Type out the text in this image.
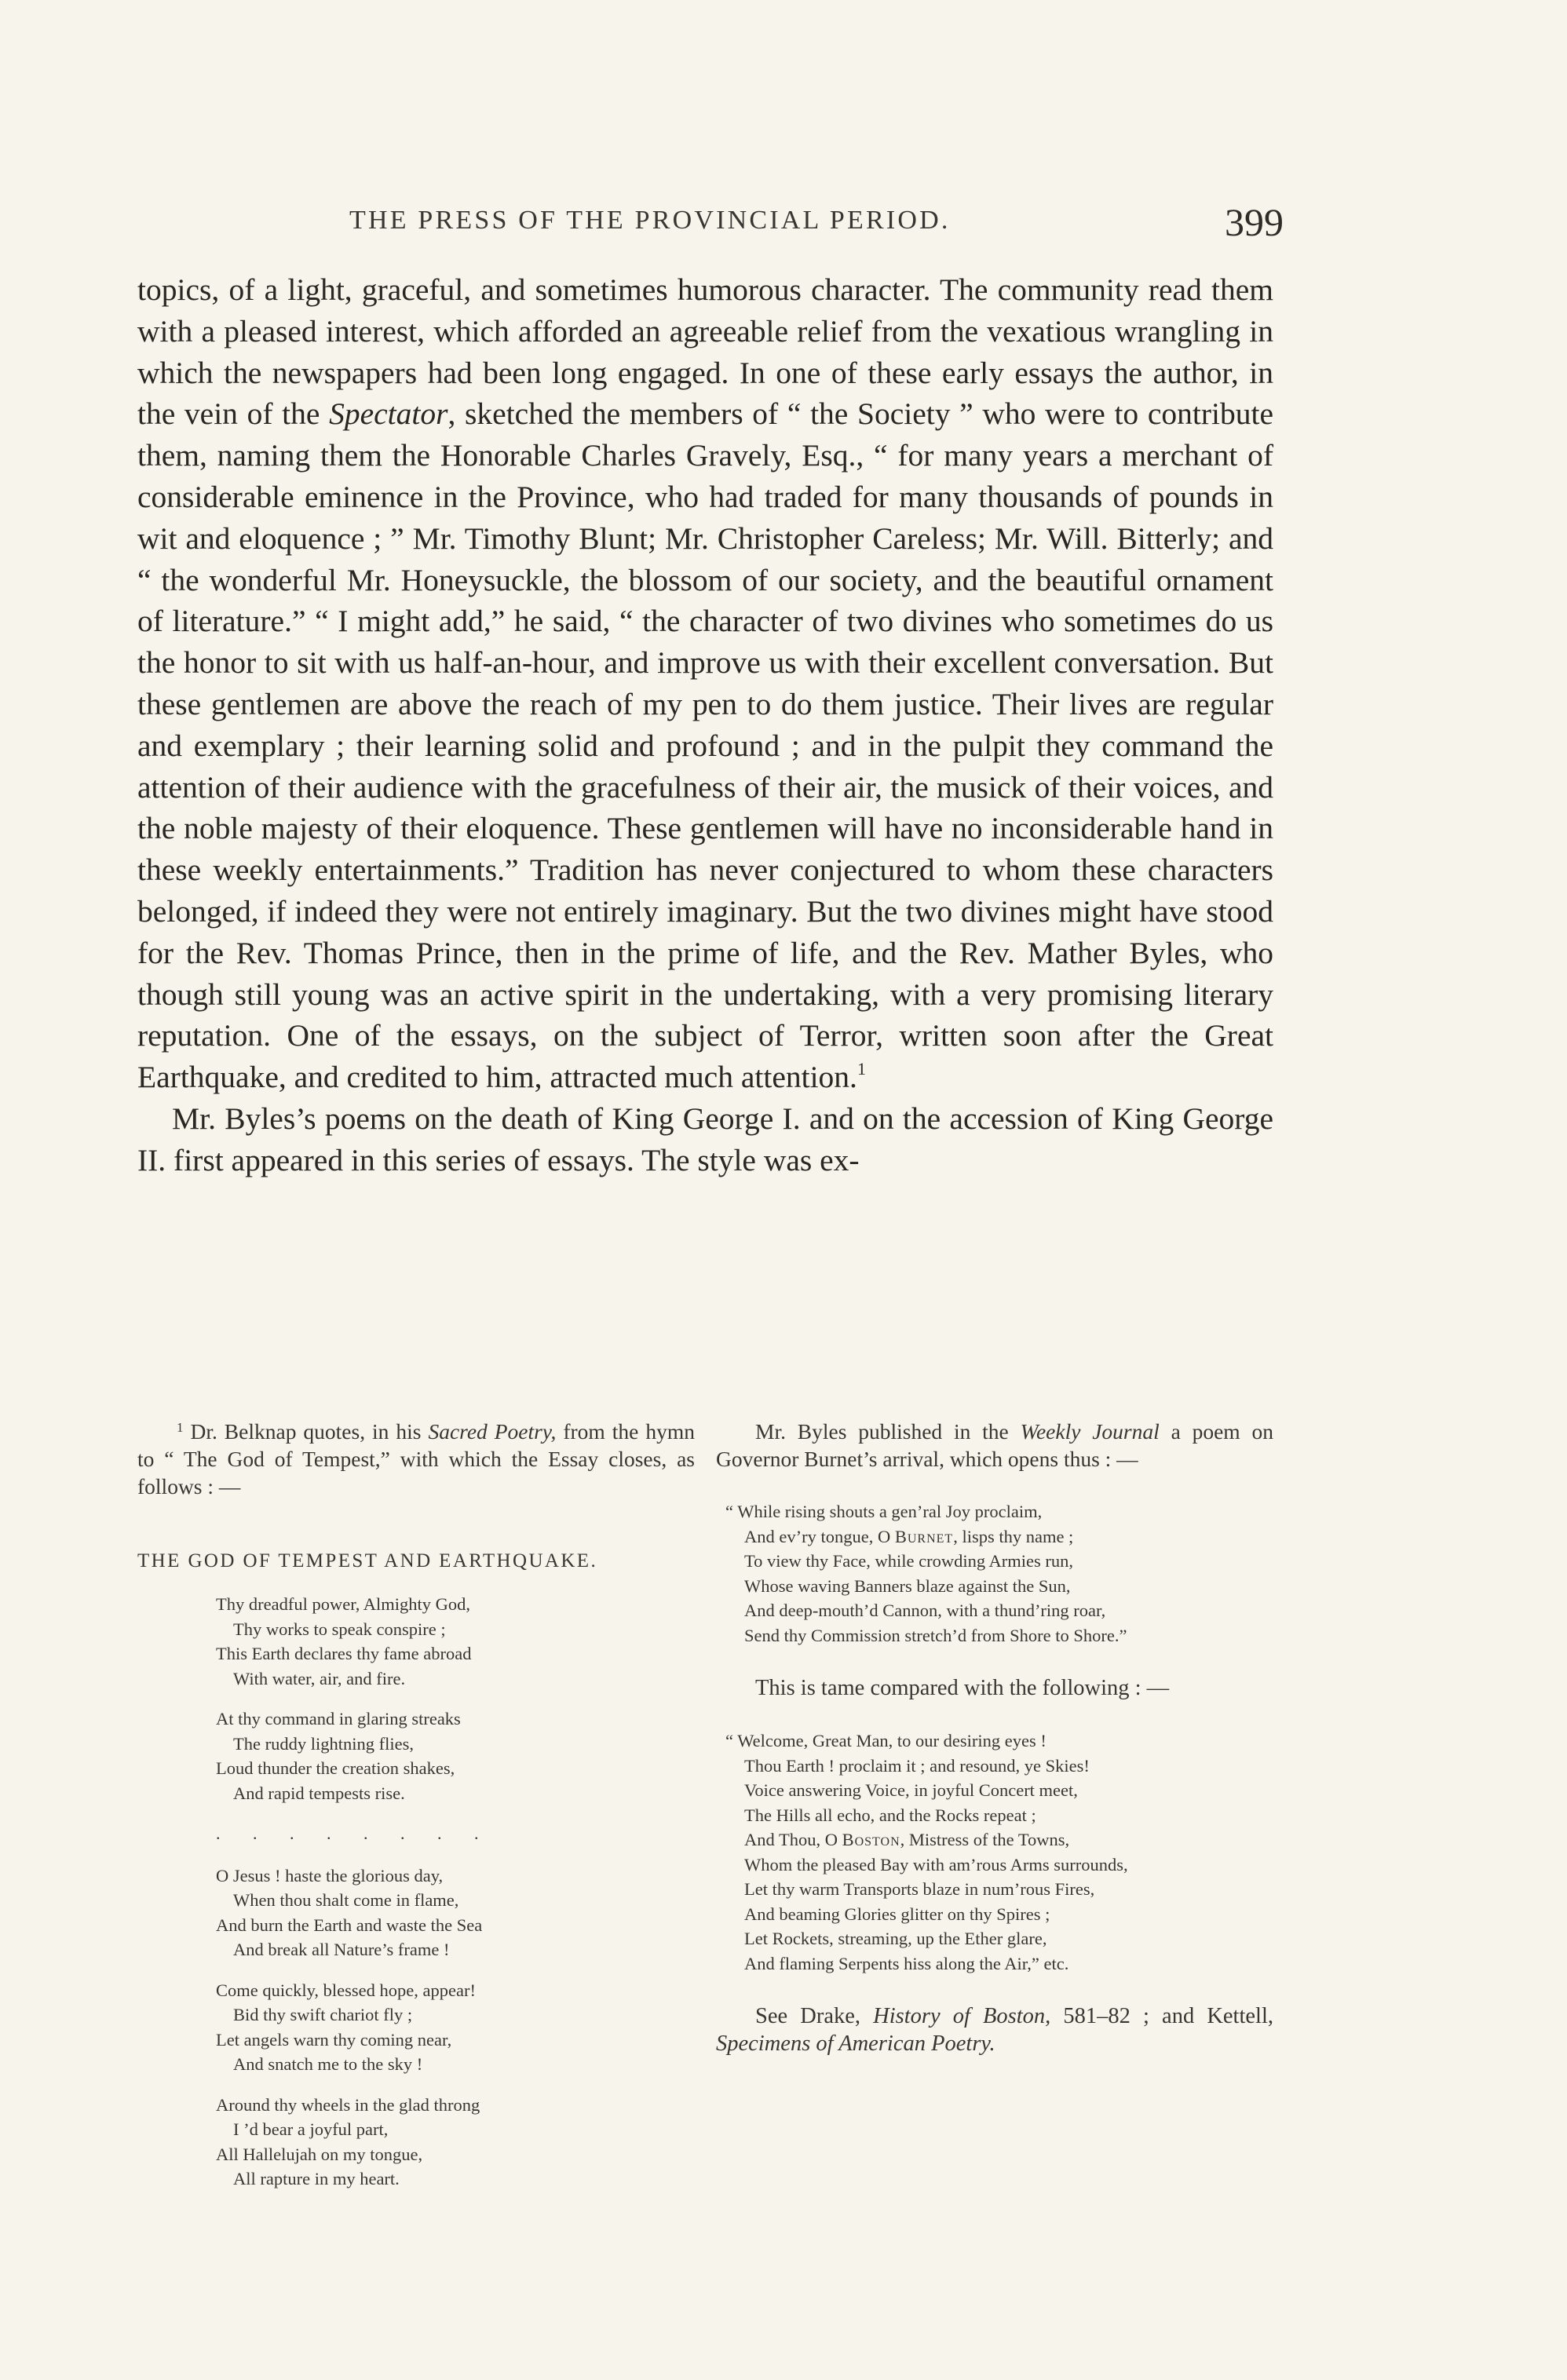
THE PRESS OF THE PROVINCIAL PERIOD.	399

topics, of a light, graceful, and sometimes humorous character. The community read them with a pleased interest, which afforded an agreeable relief from the vexatious wrangling in which the newspapers had been long engaged. In one of these early essays the author, in the vein of the Spectator, sketched the members of “ the Society ” who were to contribute them, naming them the Honorable Charles Gravely, Esq., “ for many years a merchant of considerable eminence in the Province, who had traded for many thousands of pounds in wit and eloquence ; ” Mr. Timothy Blunt; Mr. Christopher Careless; Mr. Will. Bitterly; and “ the wonderful Mr. Honeysuckle, the blossom of our society, and the beautiful ornament of literature.” “ I might add,” he said, “ the character of two divines who sometimes do us the honor to sit with us half-an-hour, and improve us with their excellent conversation. But these gentlemen are above the reach of my pen to do them justice. Their lives are regular and exemplary ; their learning solid and profound ; and in the pulpit they command the attention of their audience with the gracefulness of their air, the musick of their voices, and the noble majesty of their eloquence. These gentlemen will have no inconsiderable hand in these weekly entertainments.” Tradition has never conjectured to whom these characters belonged, if indeed they were not entirely imaginary. But the two divines might have stood for the Rev. Thomas Prince, then in the prime of life, and the Rev. Mather Byles, who though still young was an active spirit in the undertaking, with a very promising literary reputation. One of the essays, on the subject of Terror, written soon after the Great Earthquake, and credited to him, attracted much attention.$^1$

Mr. Byles’s poems on the death of King George I. and on the accession of King George II. first appeared in this series of essays. The style was ex-

$^1$ Dr. Belknap quotes, in his Sacred Poetry, from the hymn to “ The God of Tempest,” with which the Essay closes, as follows : —

THE GOD OF TEMPEST AND EARTHQUAKE.
Thy dreadful power, Almighty God,
Thy works to speak conspire ;
This Earth declares thy fame abroad
With water, air, and fire.
At thy command in glaring streaks
The ruddy lightning flies,
Loud thunder the creation shakes,
And rapid tempests rise.
. . . . . . . .
O Jesus ! haste the glorious day,
When thou shalt come in flame,
And burn the Earth and waste the Sea
And break all Nature’s frame !
Come quickly, blessed hope, appear!
Bid thy swift chariot fly ;
Let angels warn thy coming near,
And snatch me to the sky !
Around thy wheels in the glad throng
I ’d bear a joyful part,
All Hallelujah on my tongue,
All rapture in my heart.

Mr. Byles published in the Weekly Journal a poem on Governor Burnet’s arrival, which opens thus : —

“ While rising shouts a gen’ral Joy proclaim,
And ev’ry tongue, O Burnet, lisps thy name ;
To view thy Face, while crowding Armies run,
Whose waving Banners blaze against the Sun,
And deep-mouth’d Cannon, with a thund’ring roar,
Send thy Commission stretch’d from Shore to Shore.”

This is tame compared with the following : —

“ Welcome, Great Man, to our desiring eyes !
Thou Earth ! proclaim it ; and resound, ye Skies!
Voice answering Voice, in joyful Concert meet,
The Hills all echo, and the Rocks repeat ;
And Thou, O Boston, Mistress of the Towns,
Whom the pleased Bay with am’rous Arms surrounds,
Let thy warm Transports blaze in num’rous Fires,
And beaming Glories glitter on thy Spires ;
Let Rockets, streaming, up the Ether glare,
And flaming Serpents hiss along the Air,” etc.

See Drake, History of Boston, 581–82 ; and Kettell, Specimens of American Poetry.
